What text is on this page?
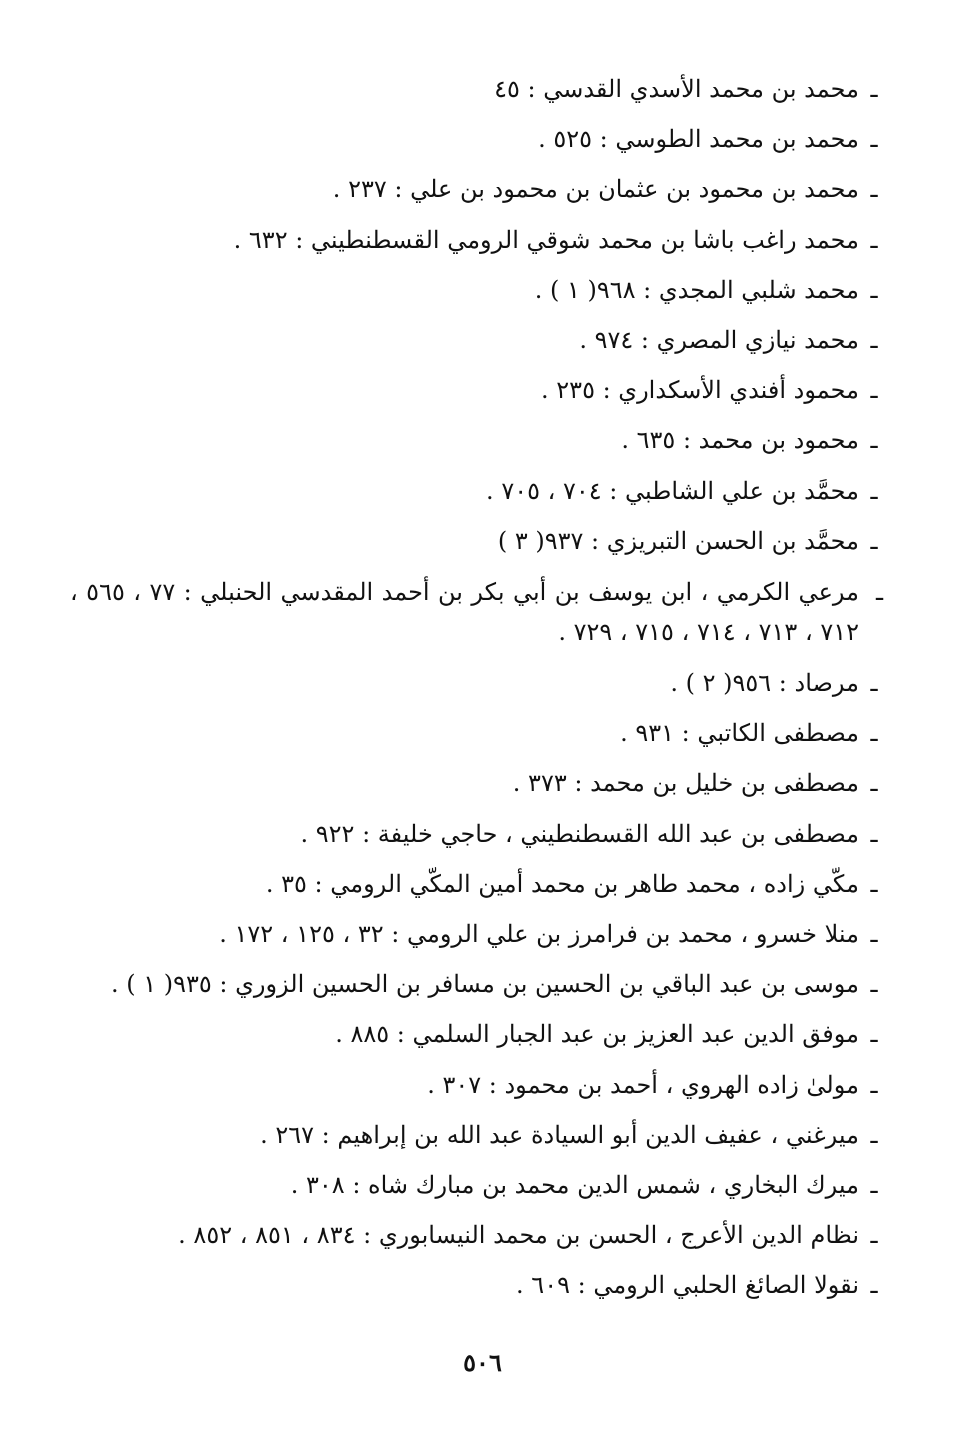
ـ
محمد بن محمد الأسدي القدسي : ٤٥
ـ
محمد بن محمد الطوسي : ٥٢٥ .
ـ
محمد بن محمود بن عثمان بن محمود بن علي : ٢٣٧ .
ـ
محمد راغب باشا بن محمد شوقي الرومي القسطنطيني : ٦٣٢ .
ـ
محمد شلبي المجدي : ٩٦٨( ١ ) .
ـ
محمد نيازي المصري : ٩٧٤ .
ـ
محمود أفندي الأسكداري : ٢٣٥ .
ـ
محمود بن محمد : ٦٣٥ .
ـ
محمَّد بن علي الشاطبي : ٧٠٤ ، ٧٠٥ .
ـ
محمَّد بن الحسن التبريزي : ٩٣٧( ٣ )
ـ
مرعي الكرمي ، ابن يوسف بن أبي بكر بن أحمد المقدسي الحنبلي : ٧٧ ، ٥٦٥ ، ٧١٢ ، ٧١٣ ، ٧١٤ ، ٧١٥ ، ٧٢٩ .
ـ
مرصاد : ٩٥٦( ٢ ) .
ـ
مصطفى الكاتبي : ٩٣١ .
ـ
مصطفى بن خليل بن محمد : ٣٧٣ .
ـ
مصطفى بن عبد الله القسطنطيني ، حاجي خليفة : ٩٢٢ .
ـ
مكّي زاده ، محمد طاهر بن محمد أمين المكّي الرومي : ٣٥ .
ـ
منلا خسرو ، محمد بن فرامرز بن علي الرومي : ٣٢ ، ١٢٥ ، ١٧٢ .
ـ
موسى بن عبد الباقي بن الحسين بن مسافر بن الحسين الزوري : ٩٣٥( ١ ) .
ـ
موفق الدين عبد العزيز بن عبد الجبار السلمي : ٨٨٥ .
ـ
مولىٰ زاده الهروي ، أحمد بن محمود : ٣٠٧ .
ـ
ميرغني ، عفيف الدين أبو السيادة عبد الله بن إبراهيم : ٢٦٧ .
ـ
ميرك البخاري ، شمس الدين محمد بن مبارك شاه : ٣٠٨ .
ـ
نظام الدين الأعرج ، الحسن بن محمد النيسابوري : ٨٣٤ ، ٨٥١ ، ٨٥٢ .
ـ
نقولا الصائغ الحلبي الرومي : ٦٠٩ .
٥٠٦
